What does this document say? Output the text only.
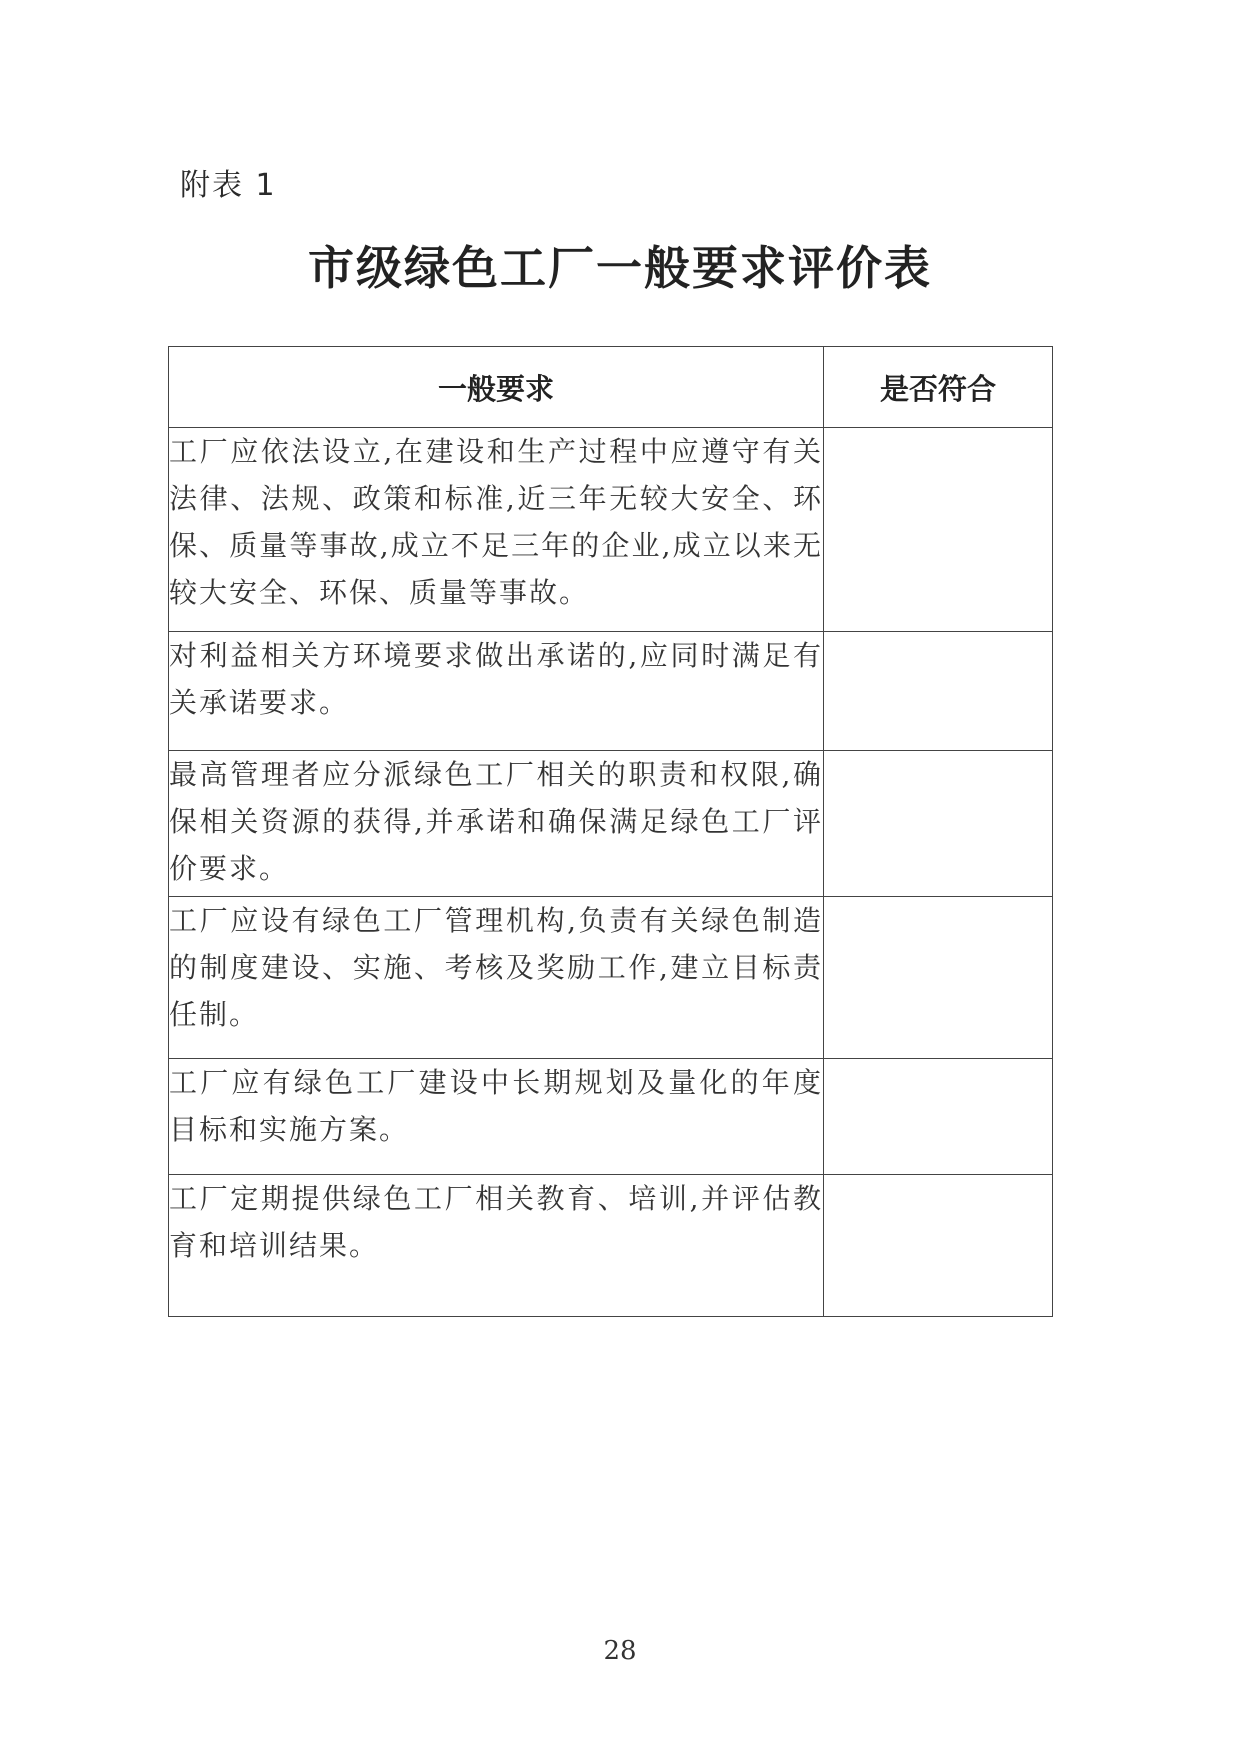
附表 1
市级绿色工厂一般要求评价表
一般要求	是否符合
工厂应依法设立,在建设和生产过程中应遵守有关法律、法规、政策和标准,近三年无较大安全、环保、质量等事故,成立不足三年的企业,成立以来无较大安全、环保、质量等事故。	
对利益相关方环境要求做出承诺的,应同时满足有关承诺要求。	
最高管理者应分派绿色工厂相关的职责和权限,确保相关资源的获得,并承诺和确保满足绿色工厂评价要求。	
工厂应设有绿色工厂管理机构,负责有关绿色制造的制度建设、实施、考核及奖励工作,建立目标责任制。	
工厂应有绿色工厂建设中长期规划及量化的年度目标和实施方案。	
工厂定期提供绿色工厂相关教育、培训,并评估教育和培训结果。	
28
